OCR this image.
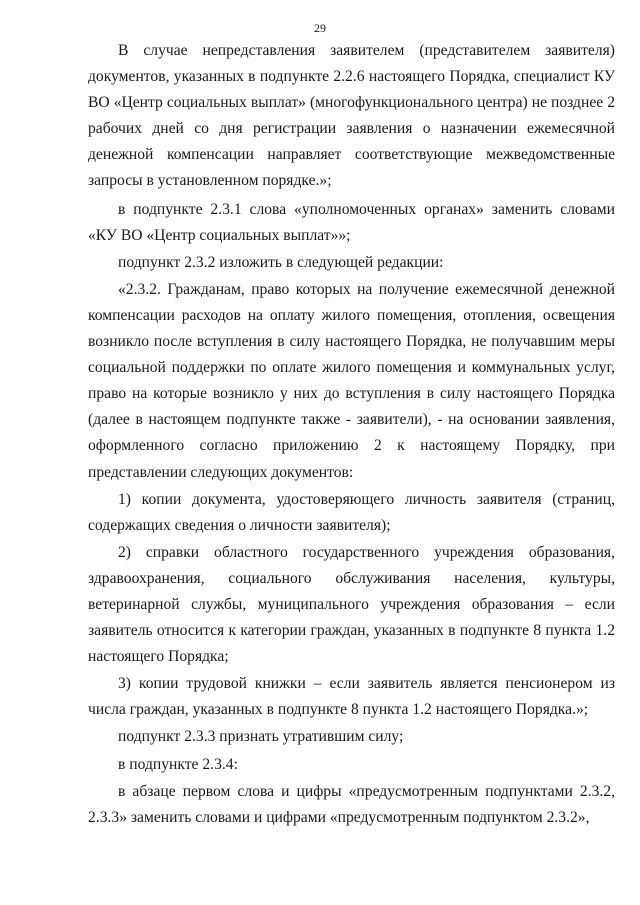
29

В случае непредставления заявителем (представителем заявителя) документов, указанных в подпункте 2.2.6 настоящего Порядка, специалист КУ ВО «Центр социальных выплат» (многофункционального центра) не позднее 2 рабочих дней со дня регистрации заявления о назначении ежемесячной денежной компенсации направляет соответствующие межведомственные запросы в установленном порядке.»;

в подпункте 2.3.1 слова «уполномоченных органах» заменить словами «КУ ВО «Центр социальных выплат»»;

подпункт 2.3.2 изложить в следующей редакции:

«2.3.2. Гражданам, право которых на получение ежемесячной денежной компенсации расходов на оплату жилого помещения, отопления, освещения возникло после вступления в силу настоящего Порядка, не получавшим меры социальной поддержки по оплате жилого помещения и коммунальных услуг, право на которые возникло у них до вступления в силу настоящего Порядка (далее в настоящем подпункте также - заявители), - на основании заявления, оформленного согласно приложению 2 к настоящему Порядку, при представлении следующих документов:

1) копии документа, удостоверяющего личность заявителя (страниц, содержащих сведения о личности заявителя);

2) справки областного государственного учреждения образования, здравоохранения, социального обслуживания населения, культуры, ветеринарной службы, муниципального учреждения образования – если заявитель относится к категории граждан, указанных в подпункте 8 пункта 1.2 настоящего Порядка;

3) копии трудовой книжки – если заявитель является пенсионером из числа граждан, указанных в подпункте 8 пункта 1.2 настоящего Порядка.»;

подпункт 2.3.3 признать утратившим силу;

в подпункте 2.3.4:

в абзаце первом слова и цифры «предусмотренным подпунктами 2.3.2, 2.3.3» заменить словами и цифрами «предусмотренным подпунктом 2.3.2»,
